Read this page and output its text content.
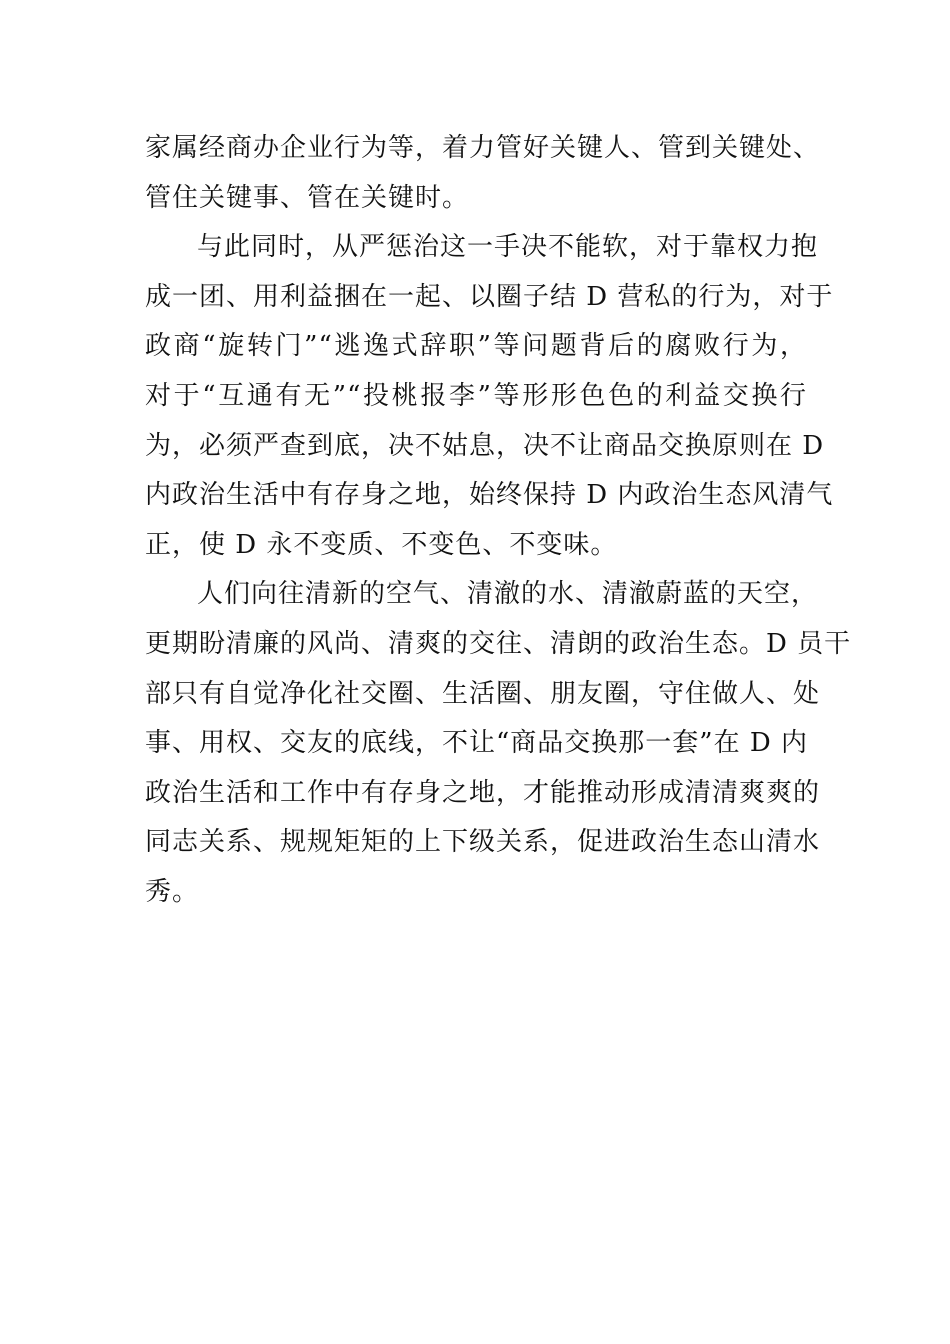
家属经商办企业行为等，着力管好关键人、管到关键处、
管住关键事、管在关键时。
与此同时，从严惩治这一手决不能软，对于靠权力抱
成一团、用利益捆在一起、以圈子结 D 营私的行为，对于
政商“旋转门”“逃逸式辞职”等问题背后的腐败行为，
对于“互通有无”“投桃报李”等形形色色的利益交换行
为，必须严查到底，决不姑息，决不让商品交换原则在 D
内政治生活中有存身之地，始终保持 D 内政治生态风清气
正，使 D 永不变质、不变色、不变味。
人们向往清新的空气、清澈的水、清澈蔚蓝的天空，
更期盼清廉的风尚、清爽的交往、清朗的政治生态。D 员干
部只有自觉净化社交圈、生活圈、朋友圈，守住做人、处
事、用权、交友的底线，不让“商品交换那一套”在 D 内
政治生活和工作中有存身之地，才能推动形成清清爽爽的
同志关系、规规矩矩的上下级关系，促进政治生态山清水
秀。
